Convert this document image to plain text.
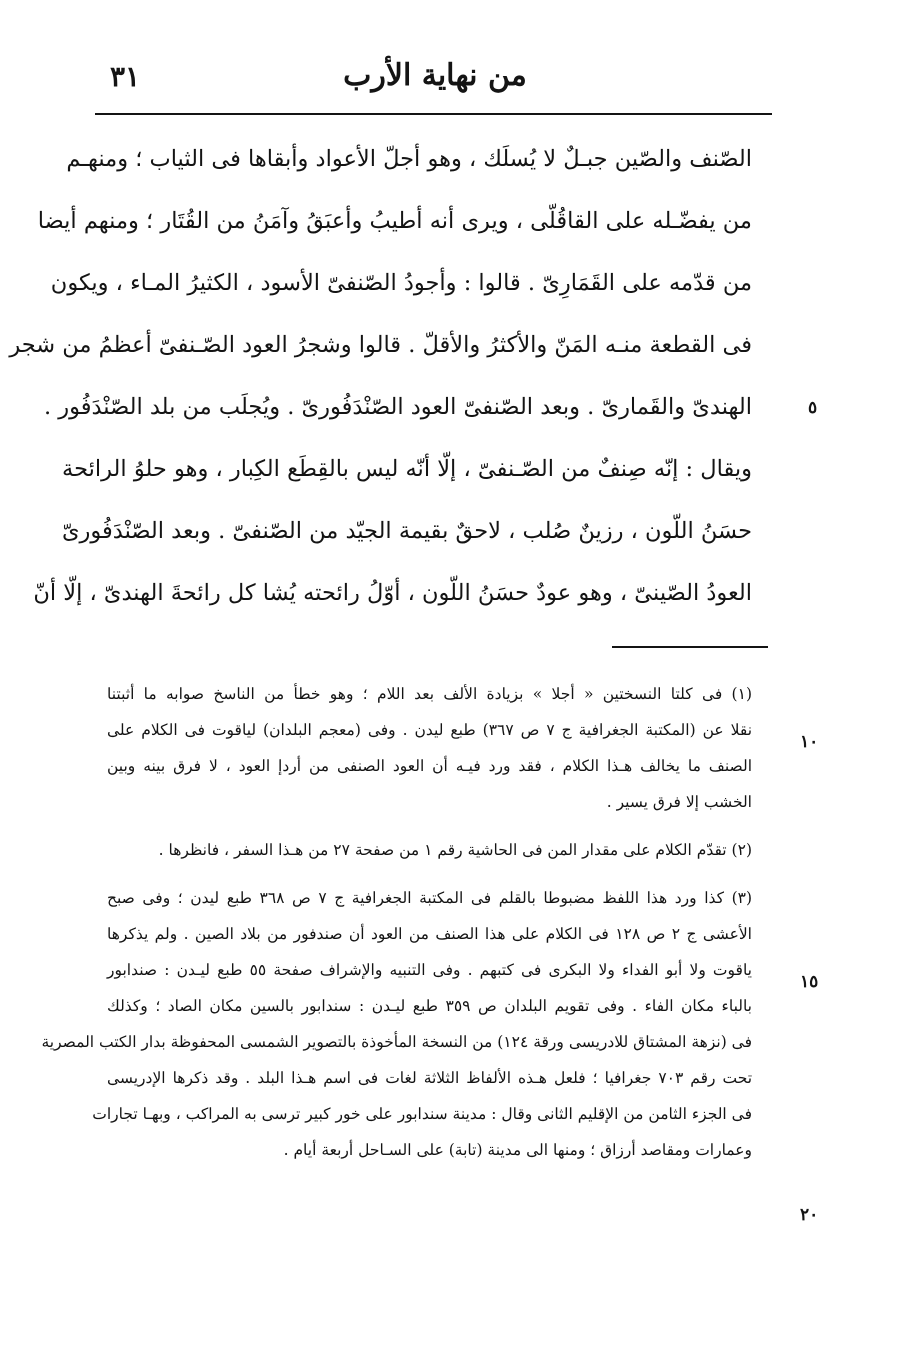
من نهاية الأرب
٣١
الصّنف والصّين جبـلٌ لا يُسلَك ، وهو أجلّ الأعواد وأبقاها فى الثياب ؛ ومنهـم
من يفضّـله على القاقُلّى ، ويرى أنه أطيبُ وأعبَقُ وآمَنُ من القُتَار ؛ ومنهم أيضا
من قدّمه على القَمَارِىّ . قالوا : وأجودُ الصّنفىّ الأسود ، الكثيرُ المـاء ، ويكون
فى القطعة منـه المَنّ والأكثرُ والأقلّ . قالوا وشجرُ العود الصّـنفىّ أعظمُ من شجر
الهندىّ والقَمارىّ . وبعد الصّنفىّ العود الصّنْدَفُورىّ . ويُجلَب من بلد الصّنْدَفُور .
ويقال : إنّه صِنفٌ من الصّـنفىّ ، إلّا أنّه ليس بالقِطَع الكِبار ، وهو حلوُ الرائحة
حسَنُ اللّون ، رزينٌ صُلب ، لاحقٌ بقيمة الجيّد من الصّنفىّ . وبعد الصّنْدَفُورىّ
العودُ الصّينىّ ، وهو عودٌ حسَنُ اللّون ، أوّلُ رائحته يُشا كل رائحةَ الهندىّ ، إلّا أنّ
٥
(١) فى كلتا النسختين « أجلا » بزيادة الألف بعد اللام ؛ وهو خطأ من الناسخ صوابه ما أثبتنا
نقلا عن (المكتبة الجغرافية ج ٧ ص ٣٦٧) طبع ليدن . وفى (معجم البلدان) لياقوت فى الكلام على
الصنف ما يخالف هـذا الكلام ، فقد ورد فيـه أن العود الصنفى من أردإ العود ، لا فرق بينه وبين
الخشب إلا فرق يسير .
(٢) تقدّم الكلام على مقدار المن فى الحاشية رقم ١ من صفحة ٢٧ من هـذا السفر ، فانظرها .
(٣) كذا ورد هذا اللفظ مضبوطا بالقلم فى المكتبة الجغرافية ج ٧ ص ٣٦٨ طبع ليدن ؛ وفى صبح
الأعشى ج ٢ ص ١٢٨ فى الكلام على هذا الصنف من العود أن صندفور من بلاد الصين . ولم يذكرها
ياقوت ولا أبو الفداء ولا البكرى فى كتبهم . وفى التنبيه والإشراف صفحة ٥٥ طبع ليـدن : صندابور
بالباء مكان الفاء . وفى تقويم البلدان ص ٣٥٩ طبع ليـدن : سندابور بالسين مكان الصاد ؛ وكذلك
فى (نزهة المشتاق للادريسى ورقة ١٢٤) من النسخة المأخوذة بالتصوير الشمسى المحفوظة بدار الكتب المصرية
تحت رقم ٧٠٣ جغرافيا ؛ فلعل هـذه الألفاظ الثلاثة لغات فى اسم هـذا البلد . وقد ذكرها الإدريسى
فى الجزء الثامن من الإقليم الثانى وقال : مدينة سندابور على خور كبير ترسى به المراكب ، وبهـا تجارات
وعمارات ومقاصد أرزاق ؛ ومنها الى مدينة (تابة) على السـاحل أربعة أيام .
١٠
١٥
٢٠
